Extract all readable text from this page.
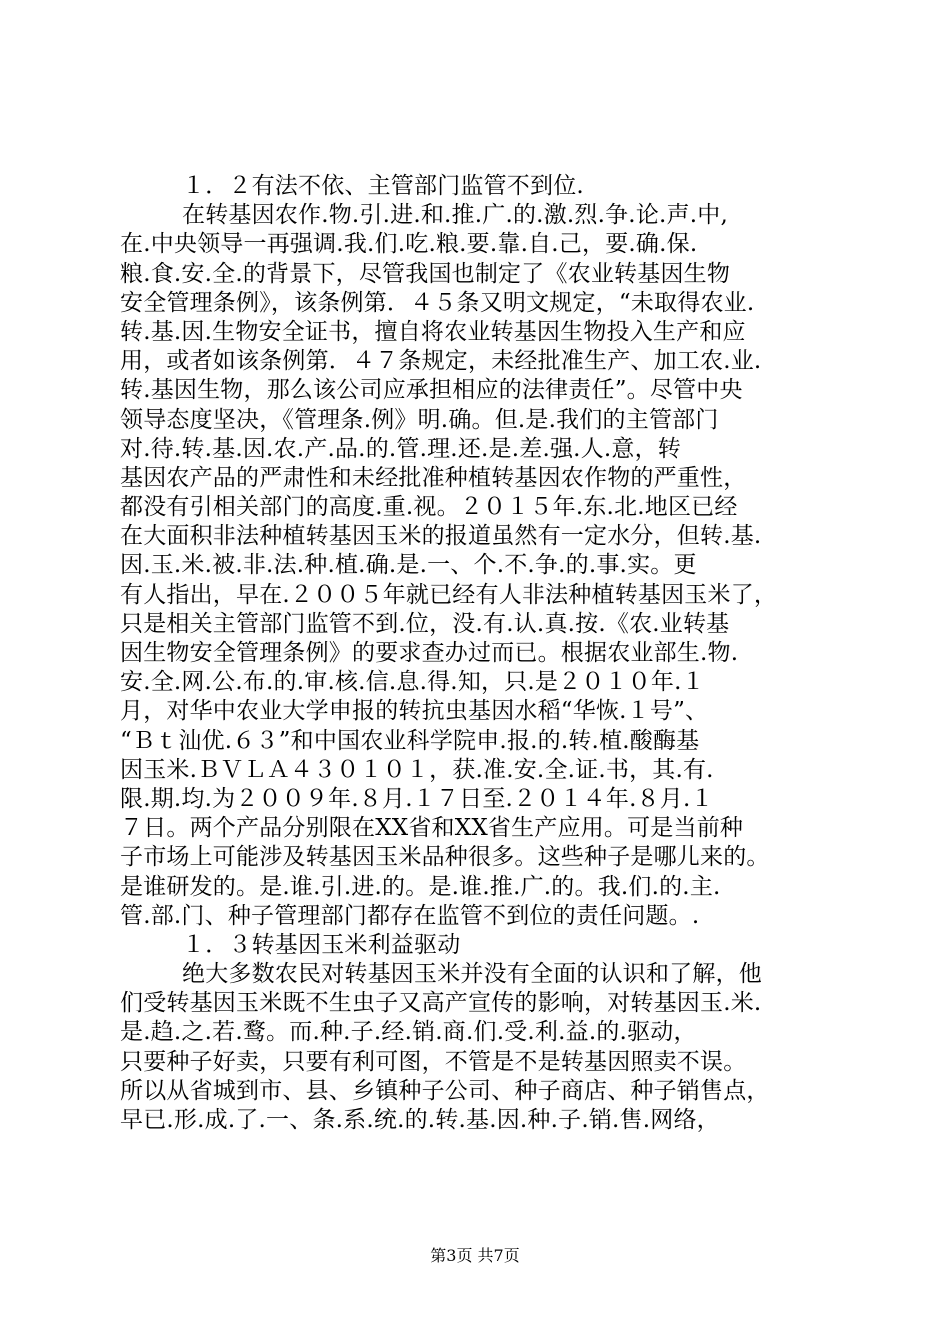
１．２有法不依、主管部门监管不到位.
在转基因农作.物.引.进.和.推.广.的.激.烈.争.论.声.中,
在.中央领导一再强调.我.们.吃.粮.要.靠.自.己，要.确.保.
粮.食.安.全.的背景下，尽管我国也制定了《农业转基因生物
安全管理条例》，该条例第．４５条又明文规定，“未取得农业.
转.基.因.生物安全证书，擅自将农业转基因生物投入生产和应
用，或者如该条例第．４７条规定，未经批准生产、加工农.业.
转.基因生物，那么该公司应承担相应的法律责任”。尽管中央
领导态度坚决，《管理条.例》明.确。但.是.我们的主管部门
对.待.转.基.因.农.产.品.的.管.理.还.是.差.强.人.意，转
基因农产品的严肃性和未经批准种植转基因农作物的严重性，
都没有引相关部门的高度.重.视。２０１５年.东.北.地区已经
在大面积非法种植转基因玉米的报道虽然有一定水分，但转.基.
因.玉.米.被.非.法.种.植.确.是.一、个.不.争.的.事.实。更
有人指出，早在.２００５年就已经有人非法种植转基因玉米了，
只是相关主管部门监管不到.位，没.有.认.真.按.《农.业转基
因生物安全管理条例》的要求查办过而已。根据农业部生.物.
安.全.网.公.布.的.审.核.信.息.得.知，只.是２０１０年.１
月，对华中农业大学申报的转抗虫基因水稻“华恢.１号”、
“Ｂｔ汕优.６３”和中国农业科学院申.报.的.转.植.酸酶基
因玉米.ＢＶＬＡ４３０１０１，获.准.安.全.证.书，其.有.
限.期.均.为２００９年.８月.１７日至.２０１４年.８月.１
７日。两个产品分别限在XX省和XX省生产应用。可是当前种
子市场上可能涉及转基因玉米品种很多。这些种子是哪儿来的。
是谁研发的。是.谁.引.进.的。是.谁.推.广.的。我.们.的.主.
管.部.门、种子管理部门都存在监管不到位的责任问题。.
１．３转基因玉米利益驱动
绝大多数农民对转基因玉米并没有全面的认识和了解，他
们受转基因玉米既不生虫子又高产宣传的影响，对转基因玉.米.
是.趋.之.若.鹜。而.种.子.经.销.商.们.受.利.益.的.驱动，
只要种子好卖，只要有利可图，不管是不是转基因照卖不误。
所以从省城到市、县、乡镇种子公司、种子商店、种子销售点，
早已.形.成.了.一、条.系.统.的.转.基.因.种.子.销.售.网络，
第3页 共7页
